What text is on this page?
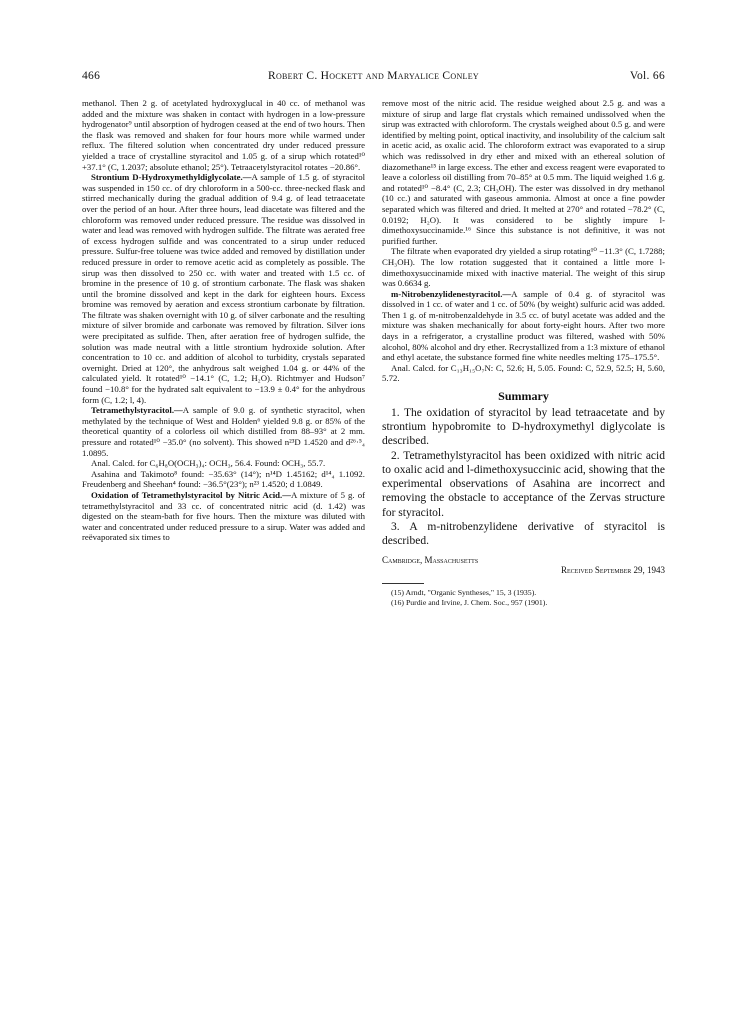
466	Robert C. Hockett and Maryalice Conley	Vol. 66

methanol. Then 2 g. of acetylated hydroxyglucal in 40 cc. of methanol was added and the mixture was shaken in contact with hydrogen in a low-pressure hydrogenator⁹ until absorption of hydrogen ceased at the end of two hours. Then the flask was removed and shaken for four hours more while warmed under reflux. The filtered solution when concentrated dry under reduced pressure yielded a trace of crystalline styracitol and 1.05 g. of a sirup which rotated¹⁰ +37.1° (C, 1.2037; absolute ethanol; 25°). Tetraacetylstyracitol rotates −20.86°.

Strontium D-Hydroxymethyldiglycolate.—A sample of 1.5 g. of styracitol was suspended in 150 cc. of dry chloroform in a 500-cc. three-necked flask and stirred mechanically during the gradual addition of 9.4 g. of lead tetraacetate over the period of an hour. After three hours, lead diacetate was filtered and the chloroform was removed under reduced pressure. The residue was dissolved in water and lead was removed with hydrogen sulfide. The filtrate was aerated free of excess hydrogen sulfide and was concentrated to a sirup under reduced pressure. Sulfur-free toluene was twice added and removed by distillation under reduced pressure in order to remove acetic acid as completely as possible. The sirup was then dissolved to 250 cc. with water and treated with 1.5 cc. of bromine in the presence of 10 g. of strontium carbonate. The flask was shaken until the bromine dissolved and kept in the dark for eighteen hours. Excess bromine was removed by aeration and excess strontium carbonate by filtration. The filtrate was shaken overnight with 10 g. of silver carbonate and the resulting mixture of silver bromide and carbonate was removed by filtration. Silver ions were precipitated as sulfide. Then, after aeration free of hydrogen sulfide, the solution was made neutral with a little strontium hydroxide solution. After concentration to 10 cc. and addition of alcohol to turbidity, crystals separated overnight. Dried at 120°, the anhydrous salt weighed 1.04 g. or 44% of the calculated yield. It rotated¹⁰ −14.1° (C, 1.2; H₂O). Richtmyer and Hudson⁷ found −10.8° for the hydrated salt equivalent to −13.9 ± 0.4° for the anhydrous form (C, 1.2; l, 4).

Tetramethylstyracitol.—A sample of 9.0 g. of synthetic styracitol, when methylated by the technique of West and Holden⁶ yielded 9.8 g. or 85% of the theoretical quantity of a colorless oil which distilled from 88–93° at 2 mm. pressure and rotated¹⁰ −35.0° (no solvent). This showed n²³D 1.4520 and d²⁶·⁵₄ 1.0895.

Anal. Calcd. for C₆H₈O(OCH₃)₄: OCH₃, 56.4. Found: OCH₃, 55.7.

Asahina and Takimoto⁸ found: −35.63° (14°); n¹⁴D 1.45162; d¹⁴₄ 1.1092. Freudenberg and Sheehan⁴ found: −36.5°(23°); n²³ 1.4520; d 1.0849.

Oxidation of Tetramethylstyracitol by Nitric Acid.—A mixture of 5 g. of tetramethylstyracitol and 33 cc. of concentrated nitric acid (d. 1.42) was digested on the steam-bath for five hours. Then the mixture was diluted with water and concentrated under reduced pressure to a sirup. Water was added and reëvaporated six times to

remove most of the nitric acid. The residue weighed about 2.5 g. and was a mixture of sirup and large flat crystals which remained undissolved when the sirup was extracted with chloroform. The crystals weighed about 0.5 g. and were identified by melting point, optical inactivity, and insolubility of the calcium salt in acetic acid, as oxalic acid. The chloroform extract was evaporated to a sirup which was redissolved in dry ether and mixed with an ethereal solution of diazomethane¹⁵ in large excess. The ether and excess reagent were evaporated to leave a colorless oil distilling from 70–85° at 0.5 mm. The liquid weighed 1.6 g. and rotated¹⁰ −8.4° (C, 2.3; CH₃OH). The ester was dissolved in dry methanol (10 cc.) and saturated with gaseous ammonia. Almost at once a fine powder separated which was filtered and dried. It melted at 270° and rotated −78.2° (C, 0.0192; H₂O). It was considered to be slightly impure l-dimethoxysuccinamide.¹⁶ Since this substance is not definitive, it was not purified further.

The filtrate when evaporated dry yielded a sirup rotating¹⁰ −11.3° (C, 1.7288; CH₃OH). The low rotation suggested that it contained a little more l-dimethoxysuccinamide mixed with inactive material. The weight of this sirup was 0.6634 g.

m-Nitrobenzylidenestyracitol.—A sample of 0.4 g. of styracitol was dissolved in 1 cc. of water and 1 cc. of 50% (by weight) sulfuric acid was added. Then 1 g. of m-nitrobenzaldehyde in 3.5 cc. of butyl acetate was added and the mixture was shaken mechanically for about forty-eight hours. After two more days in a refrigerator, a crystalline product was filtered, washed with 50% alcohol, 80% alcohol and dry ether. Recrystallized from a 1:3 mixture of ethanol and ethyl acetate, the substance formed fine white needles melting 175–175.5°.

Anal. Calcd. for C₁₃H₁₅O₇N: C, 52.6; H, 5.05. Found: C, 52.9, 52.5; H, 5.60, 5.72.

Summary

1. The oxidation of styracitol by lead tetraacetate and by strontium hypobromite to D-hydroxymethyl diglycolate is described.

2. Tetramethylstyracitol has been oxidized with nitric acid to oxalic acid and l-dimethoxysuccinic acid, showing that the experimental observations of Asahina are incorrect and removing the obstacle to acceptance of the Zervas structure for styracitol.

3. A m-nitrobenzylidene derivative of styracitol is described.

Cambridge, Massachusetts
Received September 29, 1943

(15) Arndt, "Organic Syntheses," 15, 3 (1935).

(16) Purdie and Irvine, J. Chem. Soc., 957 (1901).
